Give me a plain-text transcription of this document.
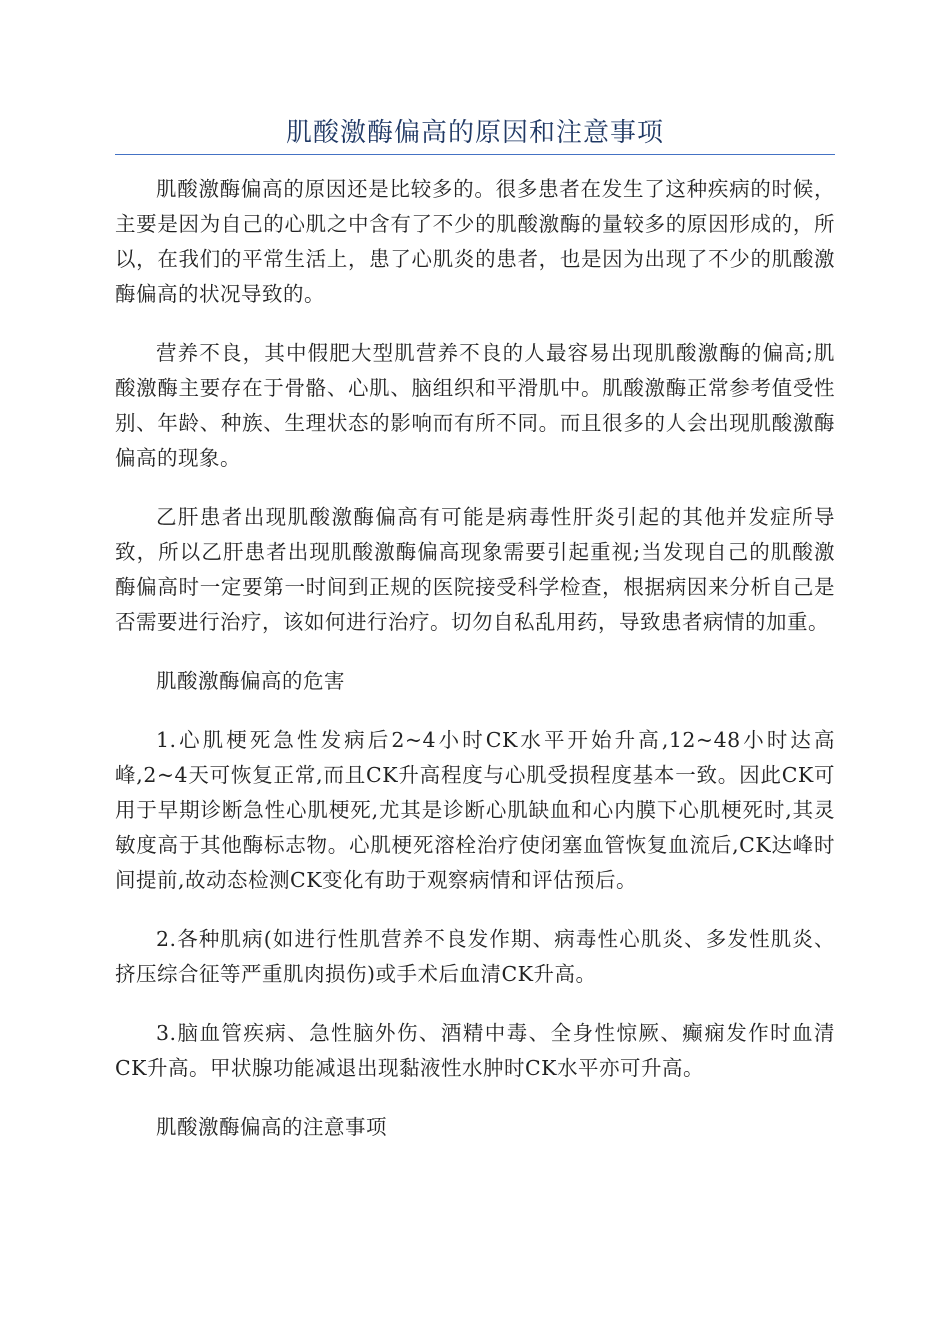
肌酸激酶偏高的原因和注意事项

肌酸激酶偏高的原因还是比较多的。很多患者在发生了这种疾病的时候，主要是因为自己的心肌之中含有了不少的肌酸激酶的量较多的原因形成的，所以，在我们的平常生活上，患了心肌炎的患者，也是因为出现了不少的肌酸激酶偏高的状况导致的。

营养不良，其中假肥大型肌营养不良的人最容易出现肌酸激酶的偏高;肌酸激酶主要存在于骨骼、心肌、脑组织和平滑肌中。肌酸激酶正常参考值受性别、年龄、种族、生理状态的影响而有所不同。而且很多的人会出现肌酸激酶偏高的现象。

乙肝患者出现肌酸激酶偏高有可能是病毒性肝炎引起的其他并发症所导致，所以乙肝患者出现肌酸激酶偏高现象需要引起重视;当发现自己的肌酸激酶偏高时一定要第一时间到正规的医院接受科学检查，根据病因来分析自己是否需要进行治疗，该如何进行治疗。切勿自私乱用药，导致患者病情的加重。

肌酸激酶偏高的危害

1.心肌梗死急性发病后2~4小时CK水平开始升高,12~48小时达高峰,2~4天可恢复正常,而且CK升高程度与心肌受损程度基本一致。因此CK可用于早期诊断急性心肌梗死,尤其是诊断心肌缺血和心内膜下心肌梗死时,其灵敏度高于其他酶标志物。心肌梗死溶栓治疗使闭塞血管恢复血流后,CK达峰时间提前,故动态检测CK变化有助于观察病情和评估预后。

2.各种肌病(如进行性肌营养不良发作期、病毒性心肌炎、多发性肌炎、挤压综合征等严重肌肉损伤)或手术后血清CK升高。

3.脑血管疾病、急性脑外伤、酒精中毒、全身性惊厥、癫痫发作时血清CK升高。甲状腺功能减退出现黏液性水肿时CK水平亦可升高。

肌酸激酶偏高的注意事项
